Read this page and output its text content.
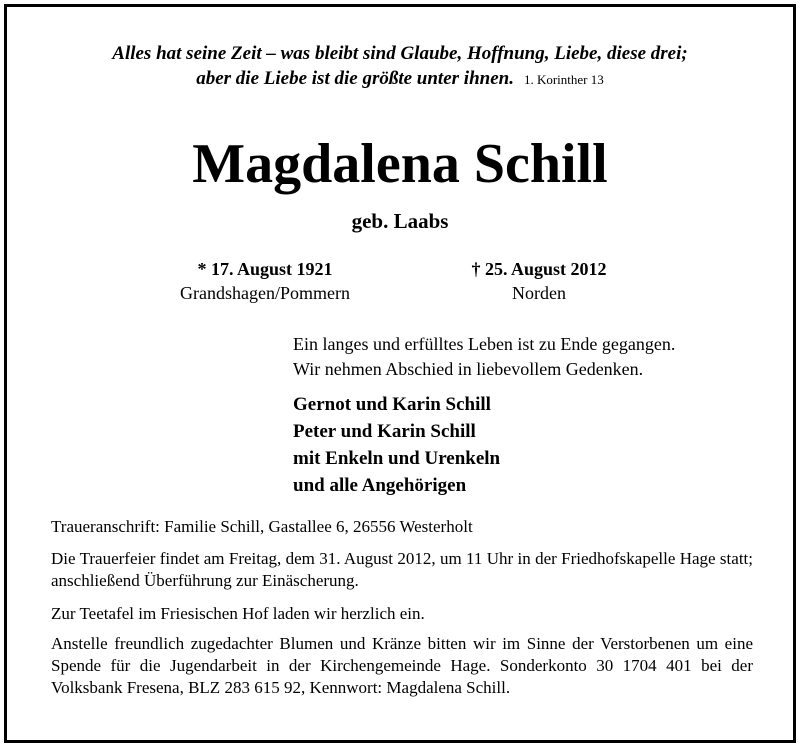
Alles hat seine Zeit – was bleibt sind Glaube, Hoffnung, Liebe, diese drei;
aber die Liebe ist die größte unter ihnen. 1. Korinther 13
Magdalena Schill
geb. Laabs
* 17. August 1921
Grandshagen/Pommern
† 25. August 2012
Norden
Ein langes und erfülltes Leben ist zu Ende gegangen.
Wir nehmen Abschied in liebevollem Gedenken.
Gernot und Karin Schill
Peter und Karin Schill
mit Enkeln und Urenkeln
und alle Angehörigen
Traueranschrift: Familie Schill, Gastallee 6, 26556 Westerholt
Die Trauerfeier findet am Freitag, dem 31. August 2012, um 11 Uhr in der Friedhofskapelle Hage statt; anschließend Überführung zur Einäscherung.
Zur Teetafel im Friesischen Hof laden wir herzlich ein.
Anstelle freundlich zugedachter Blumen und Kränze bitten wir im Sinne der Verstorbenen um eine Spende für die Jugendarbeit in der Kirchengemeinde Hage. Sonderkonto 30 1704 401 bei der Volksbank Fresena, BLZ 283 615 92, Kennwort: Magdalena Schill.
